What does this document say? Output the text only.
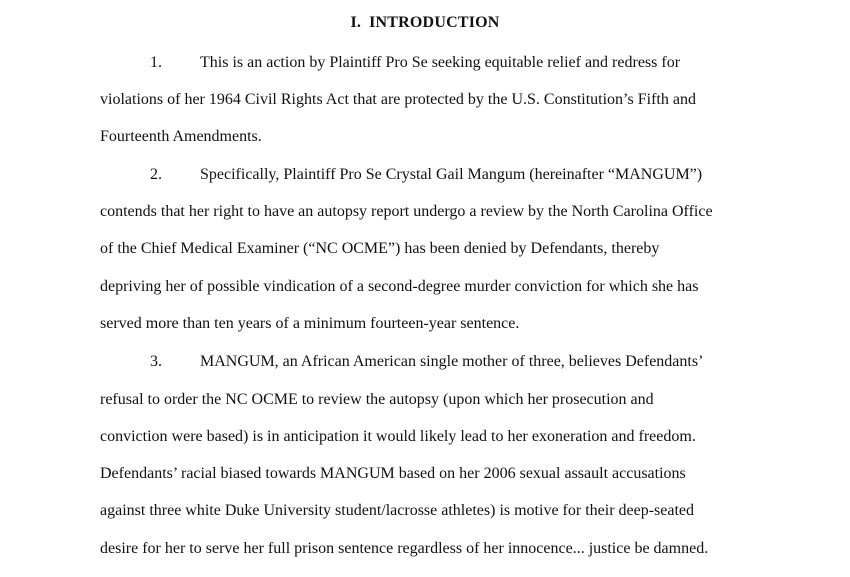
I. INTRODUCTION
1. This is an action by Plaintiff Pro Se seeking equitable relief and redress for
violations of her 1964 Civil Rights Act that are protected by the U.S. Constitution’s Fifth and
Fourteenth Amendments.
2. Specifically, Plaintiff Pro Se Crystal Gail Mangum (hereinafter “MANGUM”)
contends that her right to have an autopsy report undergo a review by the North Carolina Office
of the Chief Medical Examiner (“NC OCME”) has been denied by Defendants, thereby
depriving her of possible vindication of a second-degree murder conviction for which she has
served more than ten years of a minimum fourteen-year sentence.
3. MANGUM, an African American single mother of three, believes Defendants’
refusal to order the NC OCME to review the autopsy (upon which her prosecution and
conviction were based) is in anticipation it would likely lead to her exoneration and freedom.
Defendants’ racial biased towards MANGUM based on her 2006 sexual assault accusations
against three white Duke University student/lacrosse athletes) is motive for their deep-seated
desire for her to serve her full prison sentence regardless of her innocence... justice be damned.
